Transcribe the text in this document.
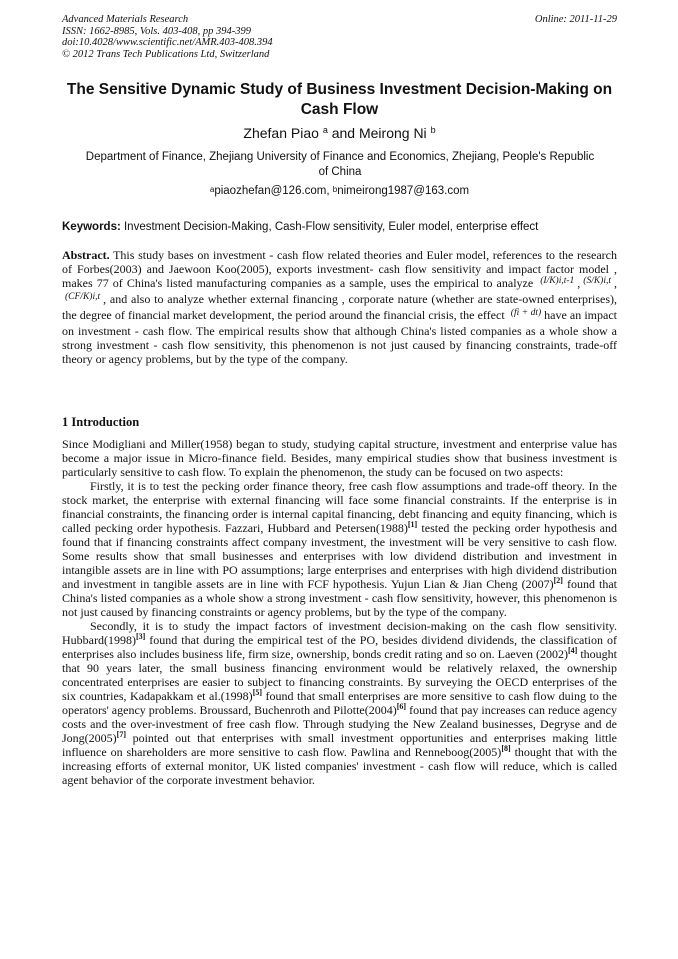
Advanced Materials Research
ISSN: 1662-8985, Vols. 403-408, pp 394-399
doi:10.4028/www.scientific.net/AMR.403-408.394
© 2012 Trans Tech Publications Ltd, Switzerland
Online: 2011-11-29
The Sensitive Dynamic Study of Business Investment Decision-Making on Cash Flow
Zhefan Piao $^a$ and Meirong Ni $^b$
Department of Finance, Zhejiang University of Finance and Economics, Zhejiang, People's Republic of China
$^a$piaozhefan@126.com, $^b$nimeirong1987@163.com
Keywords: Investment Decision-Making, Cash-Flow sensitivity, Euler model, enterprise effect
Abstract. This study bases on investment - cash flow related theories and Euler model, references to the research of Forbes(2003) and Jaewoon Koo(2005), exports investment- cash flow sensitivity and impact factor model , makes 77 of China's listed manufacturing companies as a sample, uses the empirical to analyze $^{(I/K)i,t-1}$ , $^{(S/K)i,t}$ , $^{(CF/K)i,t}$ , and also to analyze whether external financing , corporate nature (whether are state-owned enterprises), the degree of financial market development, the period around the financial crisis, the effect $^{(fi + dt)}$ have an impact on investment - cash flow. The empirical results show that although China's listed companies as a whole show a strong investment - cash flow sensitivity, this phenomenon is not just caused by financing constraints, trade-off theory or agency problems, but by the type of the company.
1 Introduction

Since Modigliani and Miller(1958) began to study, studying capital structure, investment and enterprise value has become a major issue in Micro-finance field. Besides, many empirical studies show that business investment is particularly sensitive to cash flow. To explain the phenomenon, the study can be focused on two aspects:

Firstly, it is to test the pecking order finance theory, free cash flow assumptions and trade-off theory. In the stock market, the enterprise with external financing will face some financial constraints. If the enterprise is in financial constraints, the financing order is internal capital financing, debt financing and equity financing, which is called pecking order hypothesis. Fazzari, Hubbard and Petersen(1988)[1] tested the pecking order hypothesis and found that if financing constraints affect company investment, the investment will be very sensitive to cash flow. Some results show that small businesses and enterprises with low dividend distribution and investment in intangible assets are in line with PO assumptions; large enterprises and enterprises with high dividend distribution and investment in tangible assets are in line with FCF hypothesis. Yujun Lian & Jian Cheng (2007)[2] found that China's listed companies as a whole show a strong investment - cash flow sensitivity, however, this phenomenon is not just caused by financing constraints or agency problems, but by the type of the company.

Secondly, it is to study the impact factors of investment decision-making on the cash flow sensitivity. Hubbard(1998)[3] found that during the empirical test of the PO, besides dividend dividends, the classification of enterprises also includes business life, firm size, ownership, bonds credit rating and so on. Laeven (2002)[4] thought that 90 years later, the small business financing environment would be relatively relaxed, the ownership concentrated enterprises are easier to subject to financing constraints. By surveying the OECD enterprises of the six countries, Kadapakkam et al.(1998)[5] found that small enterprises are more sensitive to cash flow duing to the operators' agency problems. Broussard, Buchenroth and Pilotte(2004)[6] found that pay increases can reduce agency costs and the over-investment of free cash flow. Through studying the New Zealand businesses, Degryse and de Jong(2005)[7] pointed out that enterprises with small investment opportunities and enterprises making little influence on shareholders are more sensitive to cash flow. Pawlina and Renneboog(2005)[8] thought that with the increasing efforts of external monitor, UK listed companies' investment - cash flow will reduce, which is called agent behavior of the corporate investment behavior.
